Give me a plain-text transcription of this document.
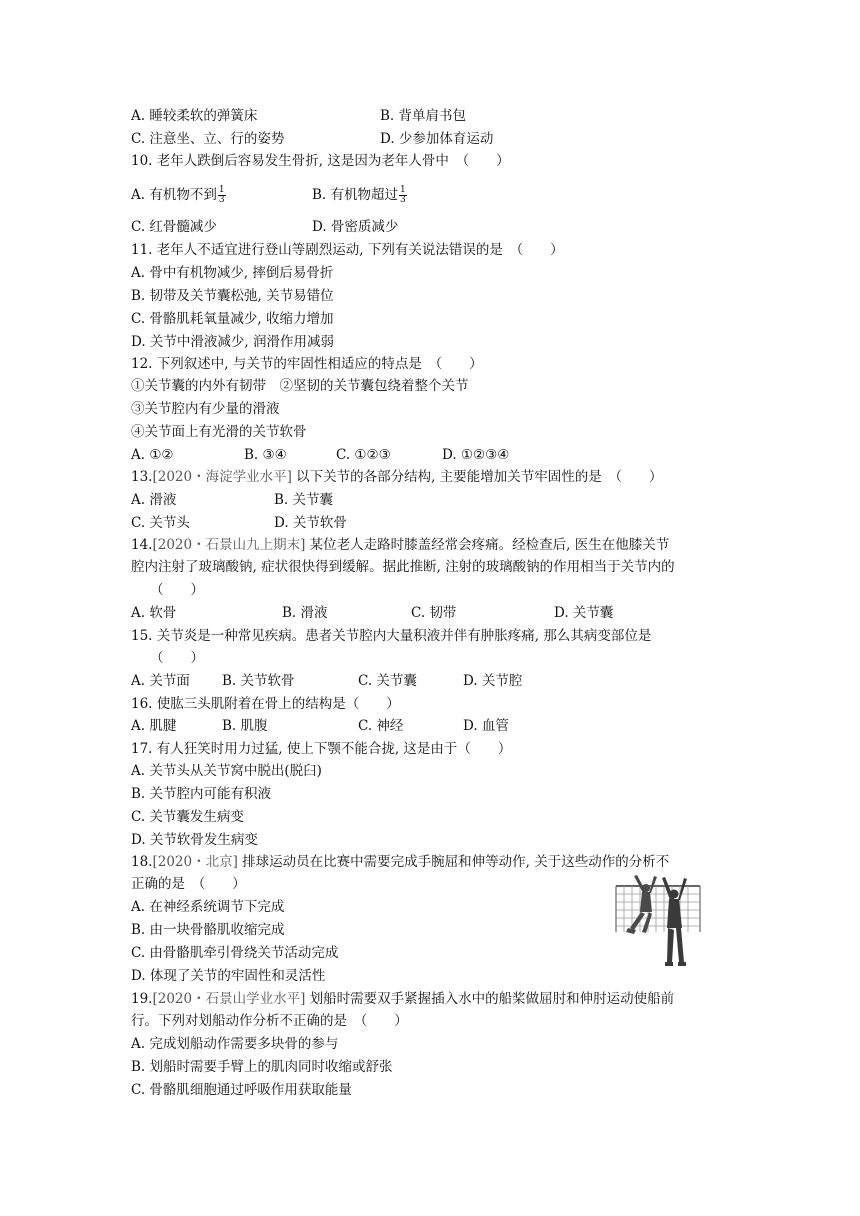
A. 睡较柔软的弹簧床	B. 背单肩书包
C. 注意坐、立、行的姿势	D. 少参加体育运动
10. 老年人跌倒后容易发生骨折, 这是因为老年人骨中　（　　）
A. 有机物不到 $\frac{1}{3}$	B. 有机物超过 $\frac{1}{3}$
C. 红骨髓减少	D. 骨密质减少
11. 老年人不适宜进行登山等剧烈运动, 下列有关说法错误的是　（　　）
A. 骨中有机物减少, 摔倒后易骨折
B. 韧带及关节囊松弛, 关节易错位
C. 骨骼肌耗氧量减少, 收缩力增加
D. 关节中滑液减少, 润滑作用减弱
12. 下列叙述中, 与关节的牢固性相适应的特点是　（　　）
①关节囊的内外有韧带　②坚韧的关节囊包绕着整个关节
③关节腔内有少量的滑液
④关节面上有光滑的关节软骨
A. ①②	B. ③④	C. ①②③	D. ①②③④
13.[2020・海淀学业水平] 以下关节的各部分结构, 主要能增加关节牢固性的是　（　　）
A. 滑液	B. 关节囊
C. 关节头	D. 关节软骨
14.[2020・石景山九上期末] 某位老人走路时膝盖经常会疼痛。经检查后, 医生在他膝关节
腔内注射了玻璃酸钠, 症状很快得到缓解。据此推断, 注射的玻璃酸钠的作用相当于关节内的
（　　）
A. 软骨	B. 滑液	C. 韧带	D. 关节囊
15. 关节炎是一种常见疾病。患者关节腔内大量积液并伴有肿胀疼痛, 那么其病变部位是
（　　）
A. 关节面 B. 关节软骨	C. 关节囊	D. 关节腔
16. 使肱三头肌附着在骨上的结构是（　　）
A. 肌腱	B. 肌腹	C. 神经	D. 血管
17. 有人狂笑时用力过猛, 使上下颚不能合拢, 这是由于（　　）
A. 关节头从关节窝中脱出(脱臼)
B. 关节腔内可能有积液
C. 关节囊发生病变
D. 关节软骨发生病变
18.[2020・北京] 排球运动员在比赛中需要完成手腕屈和伸等动作, 关于这些动作的分析不
正确的是　（　　）
A. 在神经系统调节下完成
B. 由一块骨骼肌收缩完成
C. 由骨骼肌牵引骨绕关节活动完成
D. 体现了关节的牢固性和灵活性
19.[2020・石景山学业水平] 划船时需要双手紧握插入水中的船桨做屈肘和伸肘运动使船前
行。下列对划船动作分析不正确的是　（　　）
A. 完成划船动作需要多块骨的参与
B. 划船时需要手臂上的肌肉同时收缩或舒张
C. 骨骼肌细胞通过呼吸作用获取能量
